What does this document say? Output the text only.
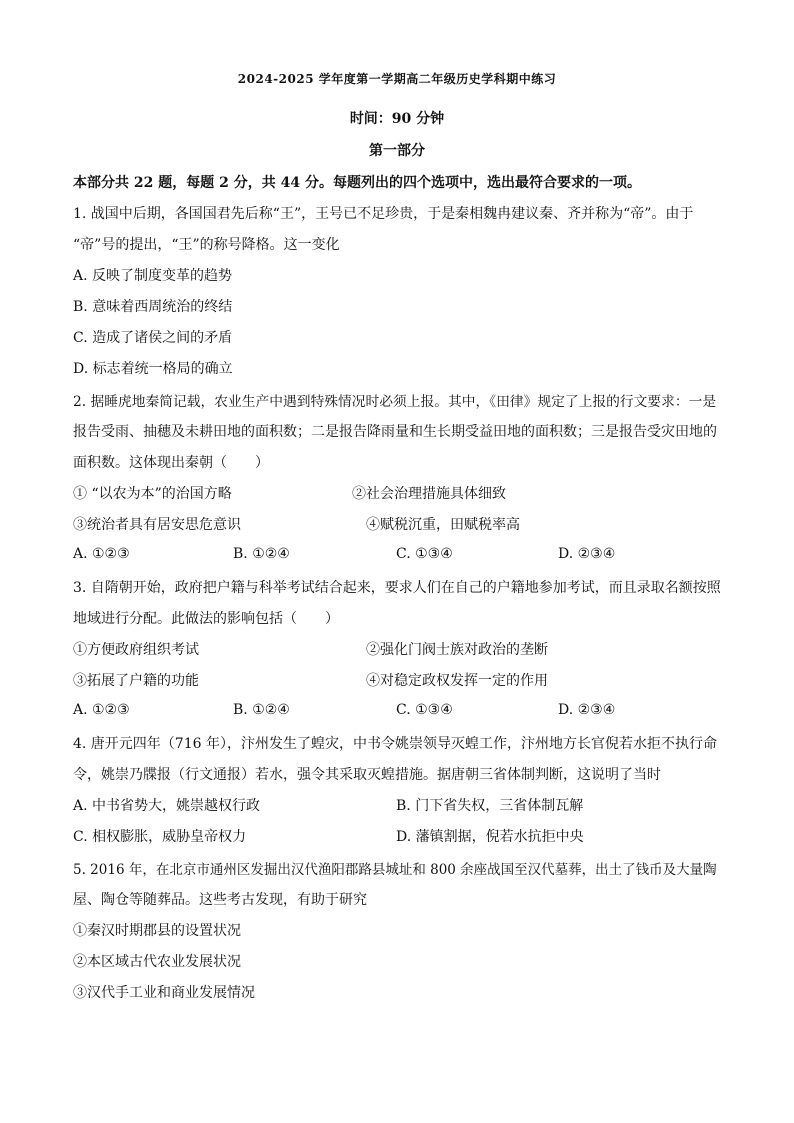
2024-2025 学年度第一学期高二年级历史学科期中练习
时间：90 分钟
第一部分
本部分共 22 题，每题 2 分，共 44 分。每题列出的四个选项中，选出最符合要求的一项。
1. 战国中后期，各国国君先后称“王”，王号已不足珍贵，于是秦相魏冉建议秦、齐并称为“帝”。由于
“帝”号的提出，“王”的称号降格。这一变化
A. 反映了制度变革的趋势
B. 意味着西周统治的终结
C. 造成了诸侯之间的矛盾
D. 标志着统一格局的确立
2. 据睡虎地秦简记载，农业生产中遇到特殊情况时必须上报。其中，《田律》规定了上报的行文要求：一是
报告受雨、抽穗及未耕田地的面积数；二是报告降雨量和生长期受益田地的面积数；三是报告受灾田地的
面积数。这体现出秦朝（　　）
① “以农为本”的治国方略	②社会治理措施具体细致
③统治者具有居安思危意识	④赋税沉重，田赋税率高
A. ①②③	B. ①②④	C. ①③④	D. ②③④
3. 自隋朝开始，政府把户籍与科举考试结合起来，要求人们在自己的户籍地参加考试，而且录取名额按照
地域进行分配。此做法的影响包括（　　）
①方便政府组织考试	②强化门阀士族对政治的垄断
③拓展了户籍的功能	④对稳定政权发挥一定的作用
A. ①②③	B. ①②④	C. ①③④	D. ②③④
4. 唐开元四年（716 年），汴州发生了蝗灾，中书令姚崇领导灭蝗工作，汴州地方长官倪若水拒不执行命
令，姚崇乃牒报（行文通报）若水，强令其采取灭蝗措施。据唐朝三省体制判断，这说明了当时
A. 中书省势大，姚崇越权行政	B. 门下省失权，三省体制瓦解
C. 相权膨胀，威胁皇帝权力	D. 藩镇割据，倪若水抗拒中央
5. 2016 年，在北京市通州区发掘出汉代渔阳郡路县城址和 800 余座战国至汉代墓葬，出土了钱币及大量陶
屋、陶仓等随葬品。这些考古发现，有助于研究
①秦汉时期郡县的设置状况
②本区域古代农业发展状况
③汉代手工业和商业发展情况
